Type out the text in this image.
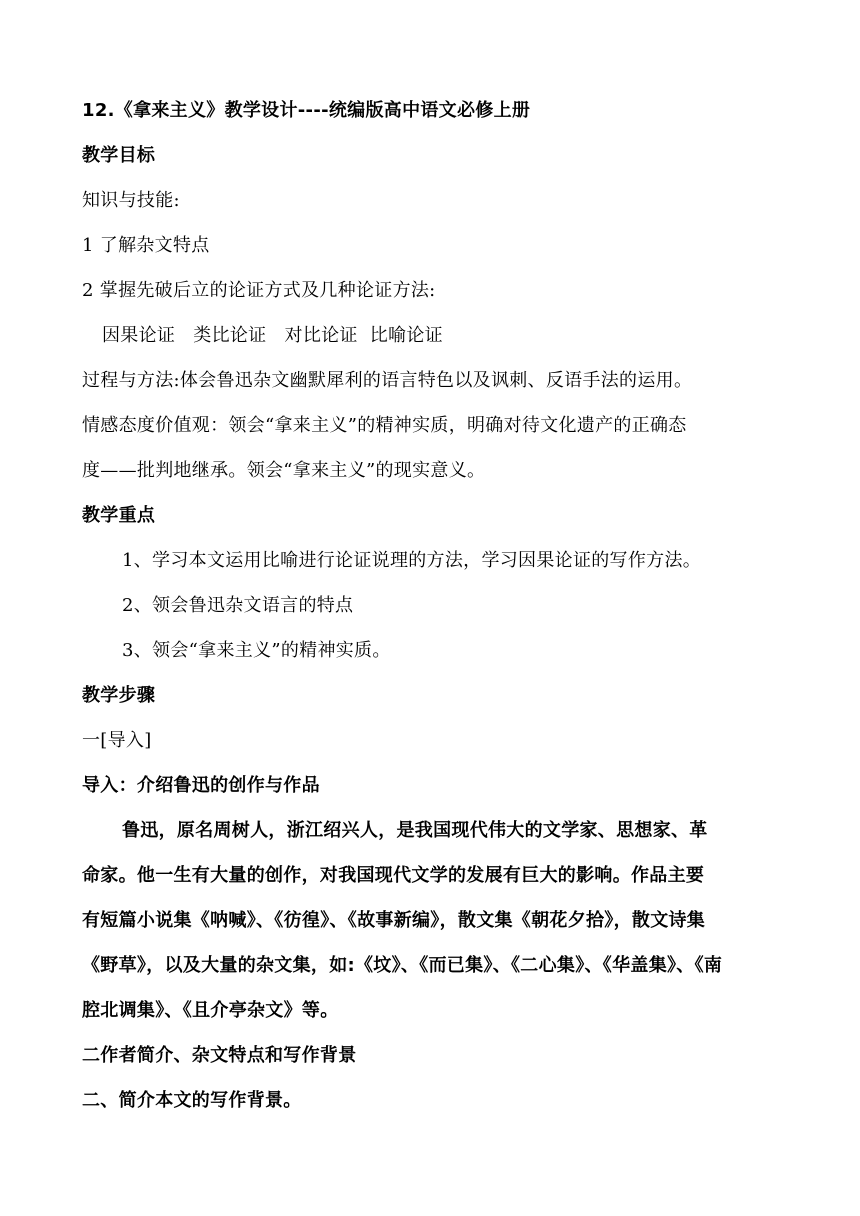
12.《拿来主义》教学设计----统编版高中语文必修上册
教学目标
知识与技能:
1 了解杂文特点
2 掌握先破后立的论证方式及几种论证方法:
因果论证   类比论证   对比论证  比喻论证
过程与方法:体会鲁迅杂文幽默犀利的语言特色以及讽刺、反语手法的运用。
情感态度价值观：领会“拿来主义”的精神实质，明确对待文化遗产的正确态
度——批判地继承。领会“拿来主义”的现实意义。
教学重点
1、学习本文运用比喻进行论证说理的方法，学习因果论证的写作方法。
2、领会鲁迅杂文语言的特点
3、领会“拿来主义”的精神实质。
教学步骤
一[导入]
导入：介绍鲁迅的创作与作品
鲁迅，原名周树人，浙江绍兴人，是我国现代伟大的文学家、思想家、革
命家。他一生有大量的创作，对我国现代文学的发展有巨大的影响。作品主要
有短篇小说集《呐喊》、《彷徨》、《故事新编》，散文集《朝花夕拾》，散文诗集
《野草》，以及大量的杂文集，如:《坟》、《而已集》、《二心集》、《华盖集》、《南
腔北调集》、《且介亭杂文》等。
二作者简介、杂文特点和写作背景
二、简介本文的写作背景。
